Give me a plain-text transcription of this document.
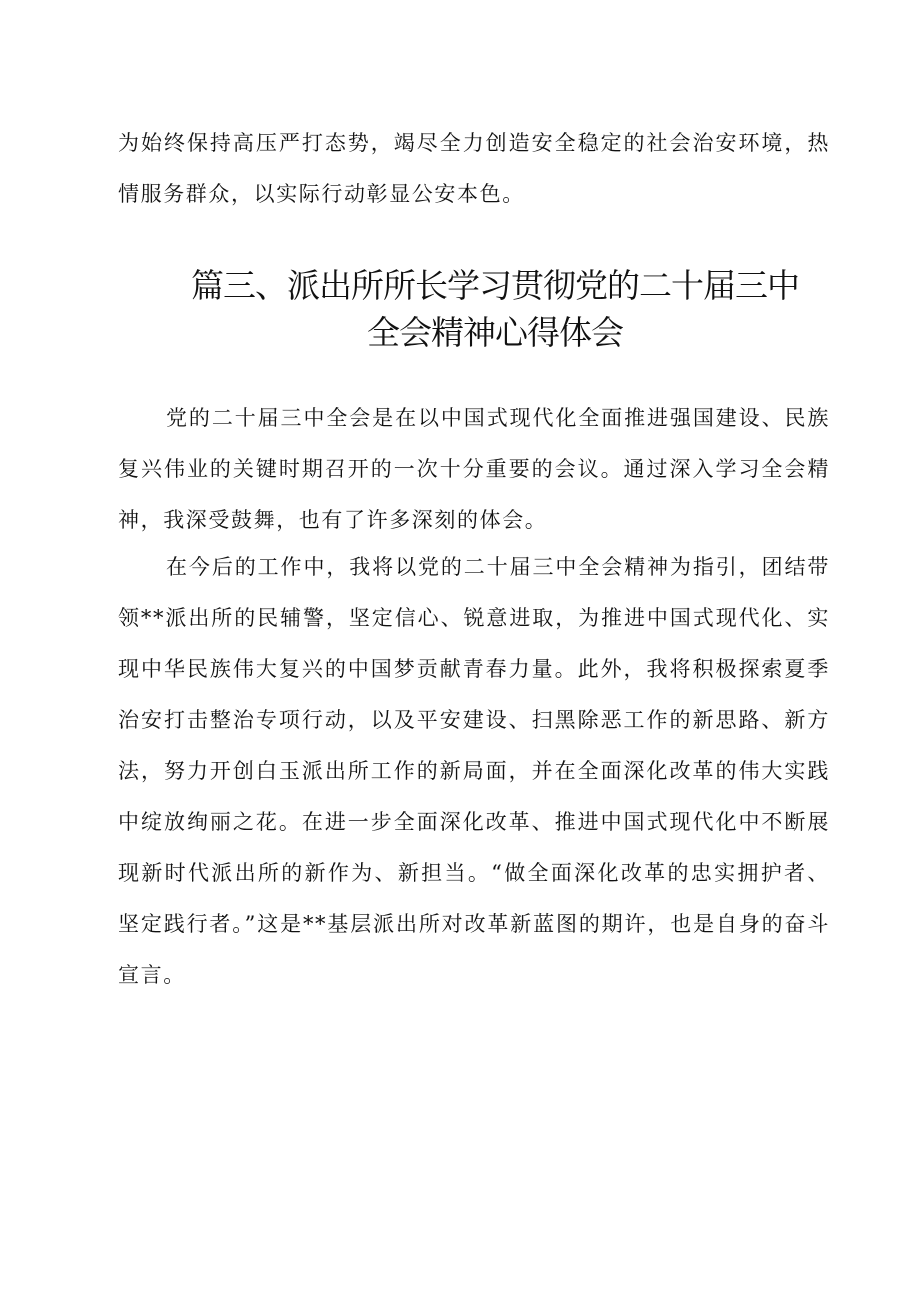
为始终保持高压严打态势，竭尽全力创造安全稳定的社会治安环境，热情服务群众，以实际行动彰显公安本色。

篇三、派出所所长学习贯彻党的二十届三中
全会精神心得体会

党的二十届三中全会是在以中国式现代化全面推进强国建设、民族复兴伟业的关键时期召开的一次十分重要的会议。通过深入学习全会精神，我深受鼓舞，也有了许多深刻的体会。

在今后的工作中，我将以党的二十届三中全会精神为指引，团结带领**派出所的民辅警，坚定信心、锐意进取，为推进中国式现代化、实现中华民族伟大复兴的中国梦贡献青春力量。此外，我将积极探索夏季治安打击整治专项行动，以及平安建设、扫黑除恶工作的新思路、新方法，努力开创白玉派出所工作的新局面，并在全面深化改革的伟大实践中绽放绚丽之花。在进一步全面深化改革、推进中国式现代化中不断展现新时代派出所的新作为、新担当。“做全面深化改革的忠实拥护者、坚定践行者。”这是**基层派出所对改革新蓝图的期许，也是自身的奋斗宣言。
